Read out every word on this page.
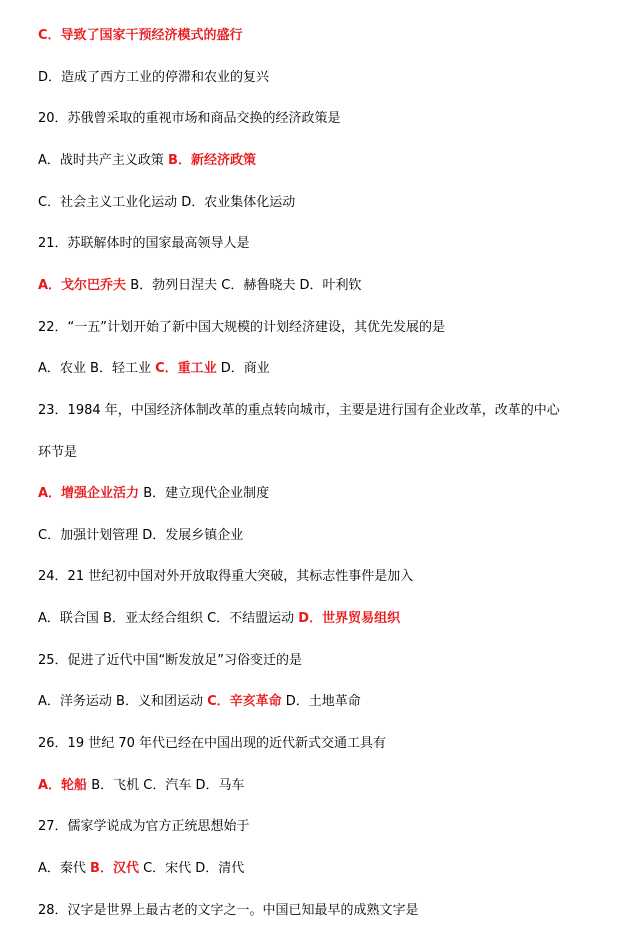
C．导致了国家干预经济模式的盛行
D．造成了西方工业的停滞和农业的复兴
20．苏俄曾采取的重视市场和商品交换的经济政策是
A．战时共产主义政策 B．新经济政策
C．社会主义工业化运动 D．农业集体化运动
21．苏联解体时的国家最高领导人是
A．戈尔巴乔夫 B．勃列日涅夫 C．赫鲁晓夫 D．叶利钦
22．“一五”计划开始了新中国大规模的计划经济建设，其优先发展的是
A．农业 B．轻工业 C．重工业 D．商业
23．1984 年，中国经济体制改革的重点转向城市，主要是进行国有企业改革，改革的中心
环节是
A．增强企业活力 B．建立现代企业制度
C．加强计划管理 D．发展乡镇企业
24．21 世纪初中国对外开放取得重大突破，其标志性事件是加入
A．联合国 B．亚太经合组织 C．不结盟运动 D．世界贸易组织
25．促进了近代中国“断发放足”习俗变迁的是
A．洋务运动 B．义和团运动 C．辛亥革命 D．土地革命
26．19 世纪 70 年代已经在中国出现的近代新式交通工具有
A．轮船 B．飞机 C．汽车 D．马车
27．儒家学说成为官方正统思想始于
A．秦代 B．汉代 C．宋代 D．清代
28．汉字是世界上最古老的文字之一。中国已知最早的成熟文字是
